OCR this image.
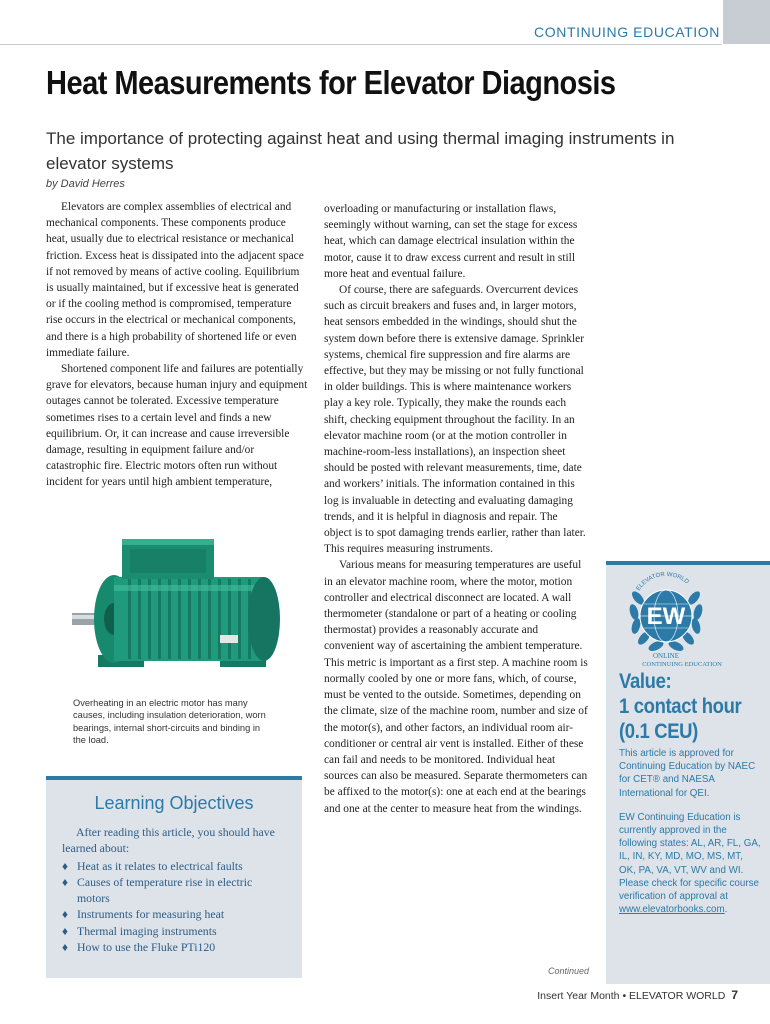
CONTINUING EDUCATION
Heat Measurements for Elevator Diagnosis
The importance of protecting against heat and using thermal imaging instruments in elevator systems
by David Herres

Elevators are complex assemblies of electrical and mechanical components. These components produce heat, usually due to electrical resistance or mechanical friction. Excess heat is dissipated into the adjacent space if not removed by means of active cooling. Equilibrium is usually maintained, but if excessive heat is generated or if the cooling method is compromised, temperature rise occurs in the electrical or mechanical components, and there is a high probability of shortened life or even immediate failure.

Shortened component life and failures are potentially grave for elevators, because human injury and equipment outages cannot be tolerated. Excessive temperature sometimes rises to a certain level and finds a new equilibrium. Or, it can increase and cause irreversible damage, resulting in equipment failure and/or catastrophic fire. Electric motors often run without incident for years until high ambient temperature,

Overheating in an electric motor has many causes, including insulation deterioration, worn bearings, internal short-circuits and binding in the load.
Learning Objectives

After reading this article, you should have learned about:

♦ Heat as it relates to electrical faults
♦ Causes of temperature rise in electric motors
♦ Instruments for measuring heat
♦ Thermal imaging instruments
♦ How to use the Fluke PTi120

overloading or manufacturing or installation flaws, seemingly without warning, can set the stage for excess heat, which can damage electrical insulation within the motor, cause it to draw excess current and result in still more heat and eventual failure.

Of course, there are safeguards. Overcurrent devices such as circuit breakers and fuses and, in larger motors, heat sensors embedded in the windings, should shut the system down before there is extensive damage. Sprinkler systems, chemical fire suppression and fire alarms are effective, but they may be missing or not fully functional in older buildings. This is where maintenance workers play a key role. Typically, they make the rounds each shift, checking equipment throughout the facility. In an elevator machine room (or at the motion controller in machine-room-less installations), an inspection sheet should be posted with relevant measurements, time, date and workers’ initials. The information contained in this log is invaluable in detecting and evaluating damaging trends, and it is helpful in diagnosis and repair. The object is to spot damaging trends earlier, rather than later. This requires measuring instruments.

Various means for measuring temperatures are useful in an elevator machine room, where the motor, motion controller and electrical disconnect are located. A wall thermometer (standalone or part of a heating or cooling thermostat) provides a reasonably accurate and convenient way of ascertaining the ambient temperature. This metric is important as a first step. A machine room is normally cooled by one or more fans, which, of course, must be vented to the outside. Sometimes, depending on the climate, size of the machine room, number and size of the motor(s), and other factors, an individual room air-conditioner or central air vent is installed. Either of these can fail and needs to be monitored. Individual heat sources can also be measured. Separate thermometers can be affixed to the motor(s): one at each end at the bearings and one at the center to measure heat from the windings.

Continued
ELEVATOR WORLD
EW
ONLINE
CONTINUING EDUCATION
Value:
1 contact hour
(0.1 CEU)

This article is approved for Continuing Education by NAEC for CET® and NAESA International for QEI.

EW Continuing Education is currently approved in the following states: AL, AR, FL, GA, IL, IN, KY, MD, MO, MS, MT, OK, PA, VA, VT, WV and WI. Please check for specific course verification of approval at www.elevatorbooks.com.

Insert Year Month • ELEVATOR WORLD 7
